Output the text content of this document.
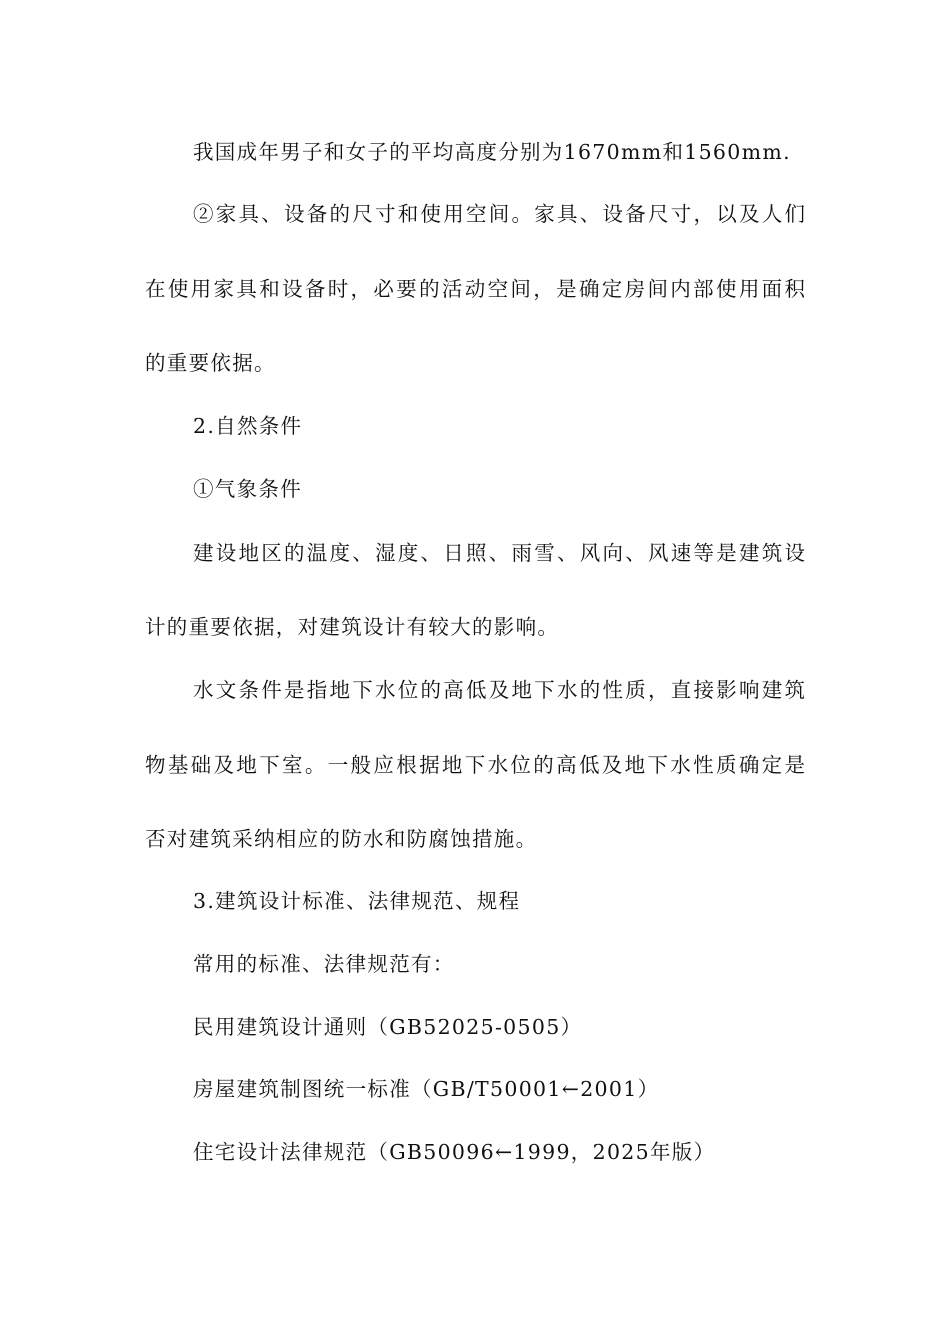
我国成年男子和女子的平均高度分别为1670mm和1560mm.
②家具、设备的尺寸和使用空间。家具、设备尺寸，以及人们
在使用家具和设备时，必要的活动空间，是确定房间内部使用面积
的重要依据。
2.自然条件
①气象条件
建设地区的温度、湿度、日照、雨雪、风向、风速等是建筑设
计的重要依据，对建筑设计有较大的影响。
水文条件是指地下水位的高低及地下水的性质，直接影响建筑
物基础及地下室。一般应根据地下水位的高低及地下水性质确定是
否对建筑采纳相应的防水和防腐蚀措施。
3.建筑设计标准、法律规范、规程
常用的标准、法律规范有：
民用建筑设计通则（GB52025-0505）
房屋建筑制图统一标准（GB/T50001←2001）
住宅设计法律规范（GB50096←1999，2025年版）
